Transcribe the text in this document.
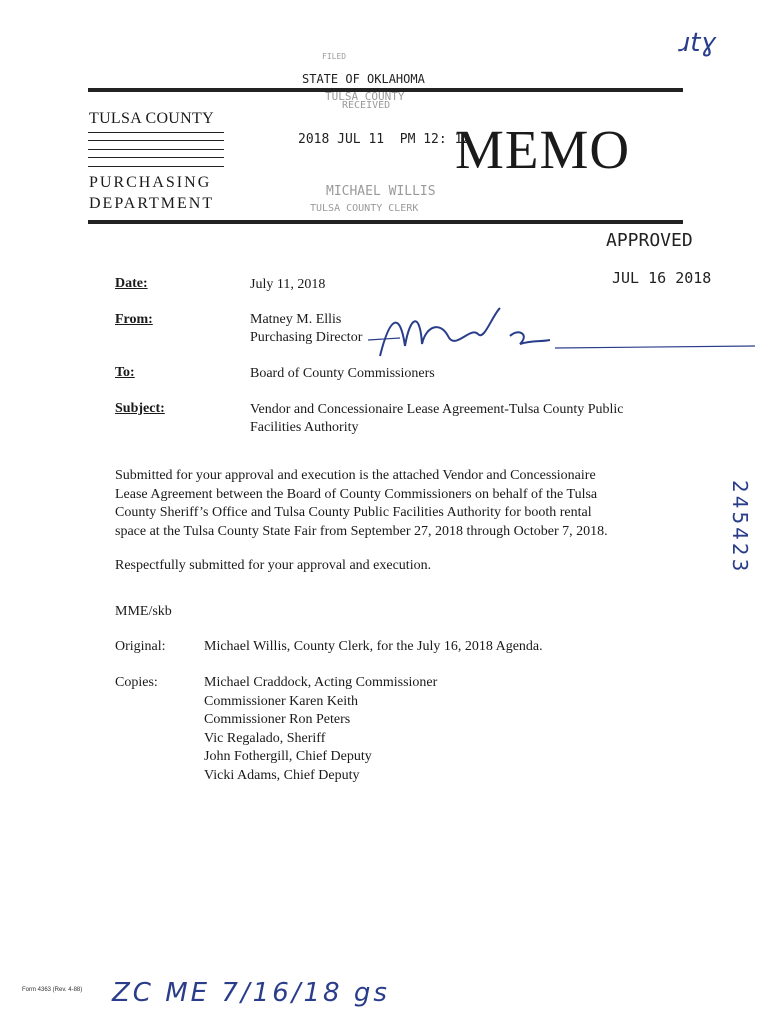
ɹtɣ
FILED
STATE OF OKLAHOMA
TULSA COUNTY
RECEIVED
TULSA COUNTY
PURCHASING
DEPARTMENT
2018 JUL 11  PM 12: 12
MICHAEL WILLIS
TULSA COUNTY CLERK
MEMO
APPROVED
JUL 16 2018
Date:	July 11, 2018
From:	Matney M. Ellis
Purchasing Director
To:	Board of County Commissioners
Subject:	Vendor and Concessionaire Lease Agreement-Tulsa County Public
Facilities Authority
Submitted for your approval and execution is the attached Vendor and Concessionaire
Lease Agreement between the Board of County Commissioners on behalf of the Tulsa
County Sheriff’s Office and Tulsa County Public Facilities Authority for booth rental
space at the Tulsa County State Fair from September 27, 2018 through October 7, 2018.
Respectfully submitted for your approval and execution.
MME/skb
Original:	Michael Willis, County Clerk, for the July 16, 2018 Agenda.
Copies:	Michael Craddock, Acting Commissioner
Commissioner Karen Keith
Commissioner Ron Peters
Vic Regalado, Sheriff
John Fothergill, Chief Deputy
Vicki Adams, Chief Deputy
245423
Form 4363 (Rev. 4-88) ZC ME 7/16/18 gs
